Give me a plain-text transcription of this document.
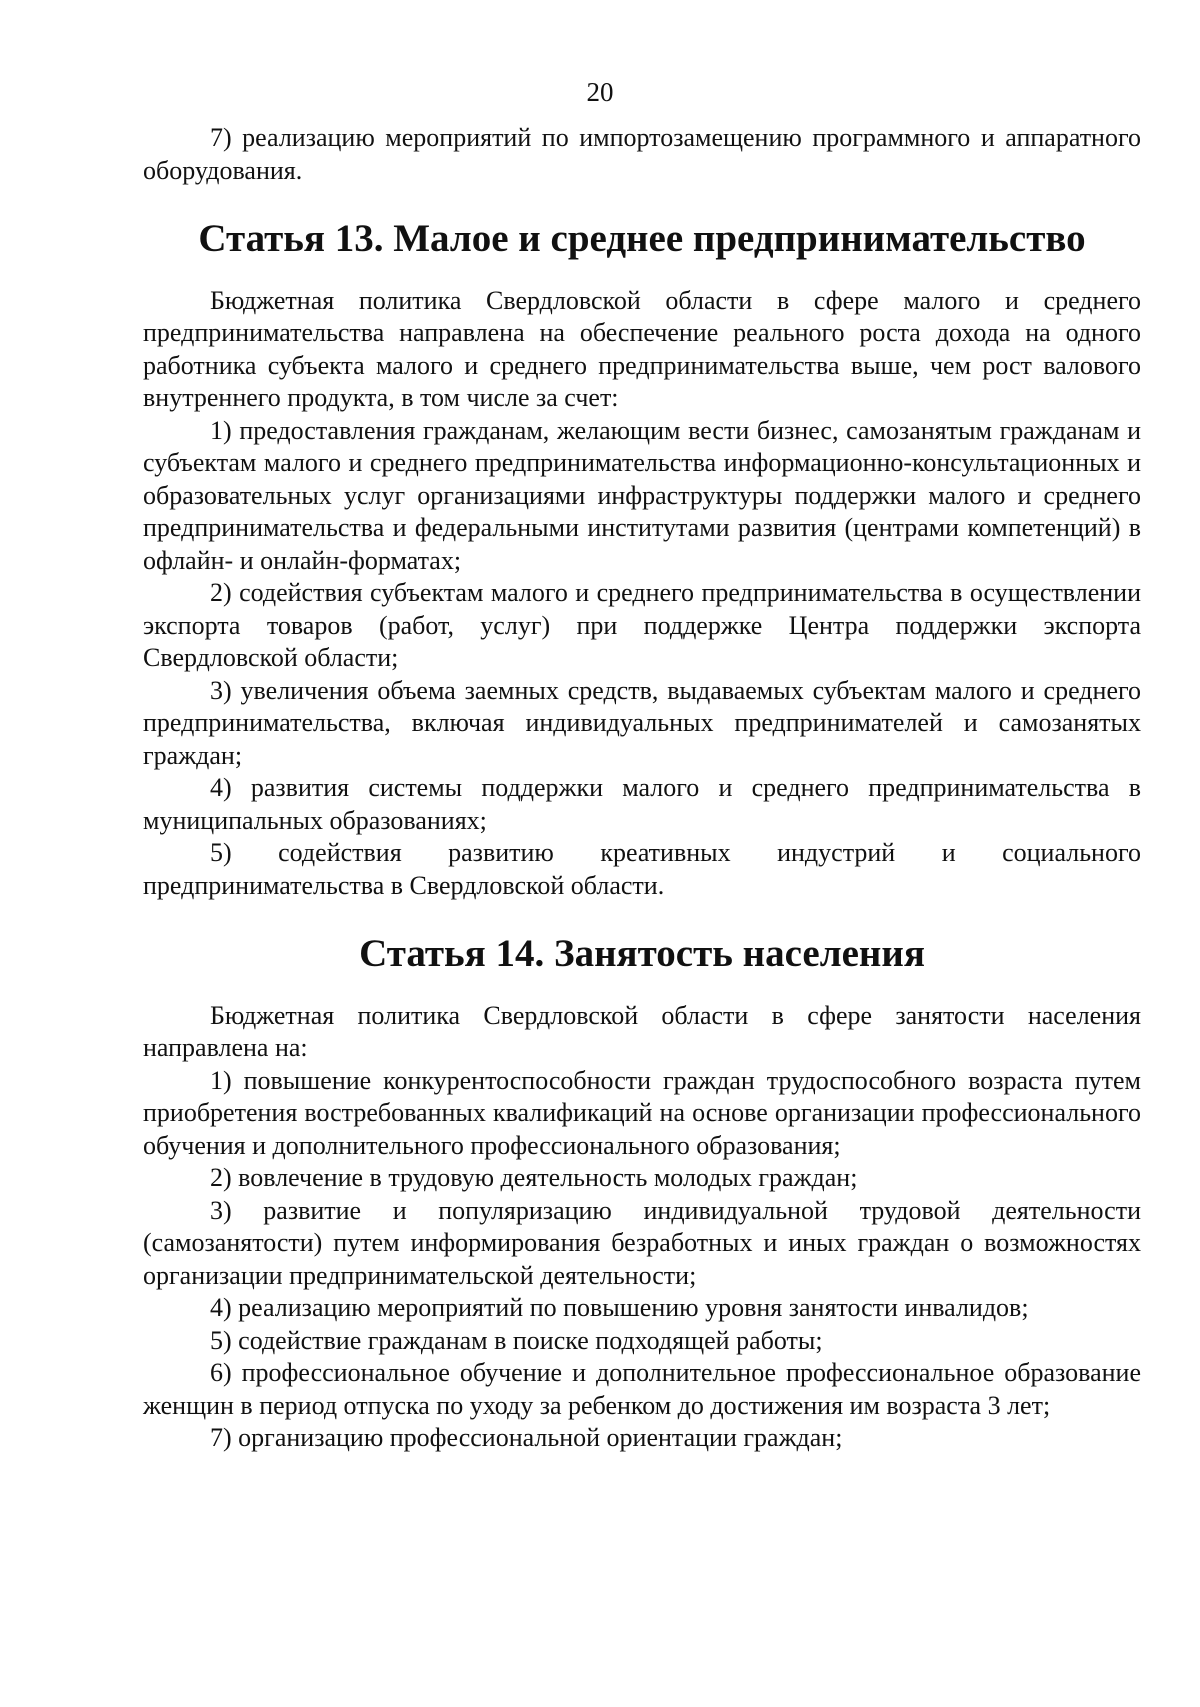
20

7) реализацию мероприятий по импортозамещению программного и аппаратного оборудования.

Статья 13. Малое и среднее предпринимательство

Бюджетная политика Свердловской области в сфере малого и среднего предпринимательства направлена на обеспечение реального роста дохода на одного работника субъекта малого и среднего предпринимательства выше, чем рост валового внутреннего продукта, в том числе за счет:

1) предоставления гражданам, желающим вести бизнес, самозанятым гражданам и субъектам малого и среднего предпринимательства информационно-консультационных и образовательных услуг организациями инфраструктуры поддержки малого и среднего предпринимательства и федеральными институтами развития (центрами компетенций) в офлайн- и онлайн-форматах;

2) содействия субъектам малого и среднего предпринимательства в осуществлении экспорта товаров (работ, услуг) при поддержке Центра поддержки экспорта Свердловской области;

3) увеличения объема заемных средств, выдаваемых субъектам малого и среднего предпринимательства, включая индивидуальных предпринимателей и самозанятых граждан;

4) развития системы поддержки малого и среднего предпринимательства в муниципальных образованиях;

5) содействия развитию креативных индустрий и социального предпринимательства в Свердловской области.

Статья 14. Занятость населения

Бюджетная политика Свердловской области в сфере занятости населения направлена на:

1) повышение конкурентоспособности граждан трудоспособного возраста путем приобретения востребованных квалификаций на основе организации профессионального обучения и дополнительного профессионального образования;

2) вовлечение в трудовую деятельность молодых граждан;

3) развитие и популяризацию индивидуальной трудовой деятельности (самозанятости) путем информирования безработных и иных граждан о возможностях организации предпринимательской деятельности;

4) реализацию мероприятий по повышению уровня занятости инвалидов;

5) содействие гражданам в поиске подходящей работы;

6) профессиональное обучение и дополнительное профессиональное образование женщин в период отпуска по уходу за ребенком до достижения им возраста 3 лет;

7) организацию профессиональной ориентации граждан;
